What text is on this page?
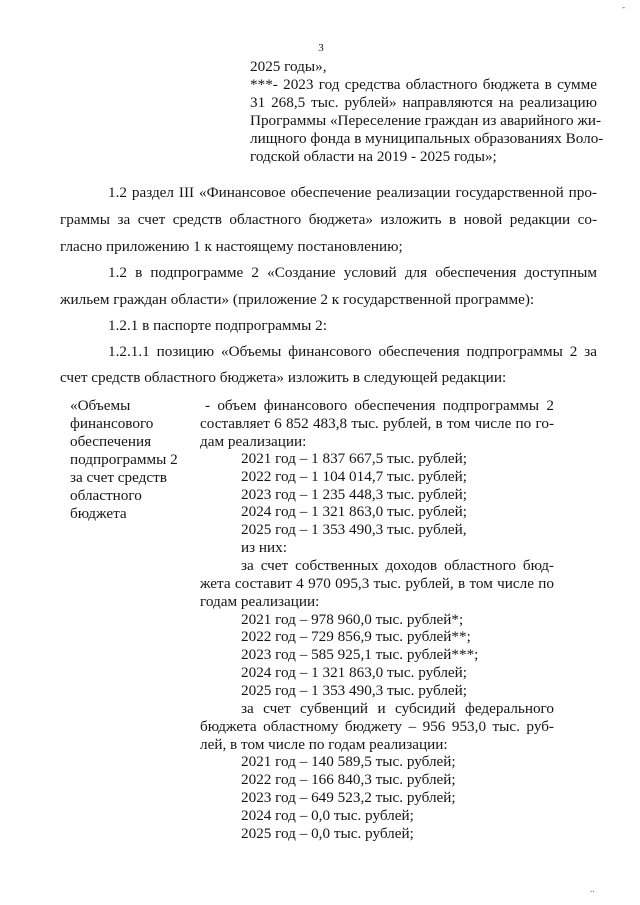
3
-
2025 годы»,
***- 2023 год средства областного бюджета в сумме
31 268,5 тыс. рублей» направляются на реализацию
Программы «Переселение граждан из аварийного жи-
лищного фонда в муниципальных образованиях Воло-
годской области на 2019 - 2025 годы»;
1.2 раздел III «Финансовое обеспечение реализации государственной про-
граммы за счет средств областного бюджета» изложить в новой редакции со-
гласно приложению 1 к настоящему постановлению;
1.2 в подпрограмме 2 «Создание условий для обеспечения доступным
жильем граждан области» (приложение 2 к государственной программе):
1.2.1 в паспорте подпрограммы 2:
1.2.1.1 позицию «Объемы финансового обеспечения подпрограммы 2 за
счет средств областного бюджета» изложить в следующей редакции:
«Объемы
финансового
обеспечения
подпрограммы 2
за счет средств
областного
бюджета
- объем финансового обеспечения подпрограммы 2
составляет 6 852 483,8 тыс. рублей, в том числе по го-
дам реализации:
2021 год – 1 837 667,5 тыс. рублей;
2022 год – 1 104 014,7 тыс. рублей;
2023 год – 1 235 448,3 тыс. рублей;
2024 год – 1 321 863,0 тыс. рублей;
2025 год – 1 353 490,3 тыс. рублей,
из них:
за счет собственных доходов областного бюд-
жета составит 4 970 095,3 тыс. рублей, в том числе по
годам реализации:
2021 год – 978 960,0 тыс. рублей*;
2022 год – 729 856,9 тыс. рублей**;
2023 год – 585 925,1 тыс. рублей***;
2024 год – 1 321 863,0 тыс. рублей;
2025 год – 1 353 490,3 тыс. рублей;
за счет субвенций и субсидий федерального
бюджета областному бюджету – 956 953,0 тыс. руб-
лей, в том числе по годам реализации:
2021 год – 140 589,5 тыс. рублей;
2022 год – 166 840,3 тыс. рублей;
2023 год – 649 523,2 тыс. рублей;
2024 год – 0,0 тыс. рублей;
2025 год – 0,0 тыс. рублей;
..
